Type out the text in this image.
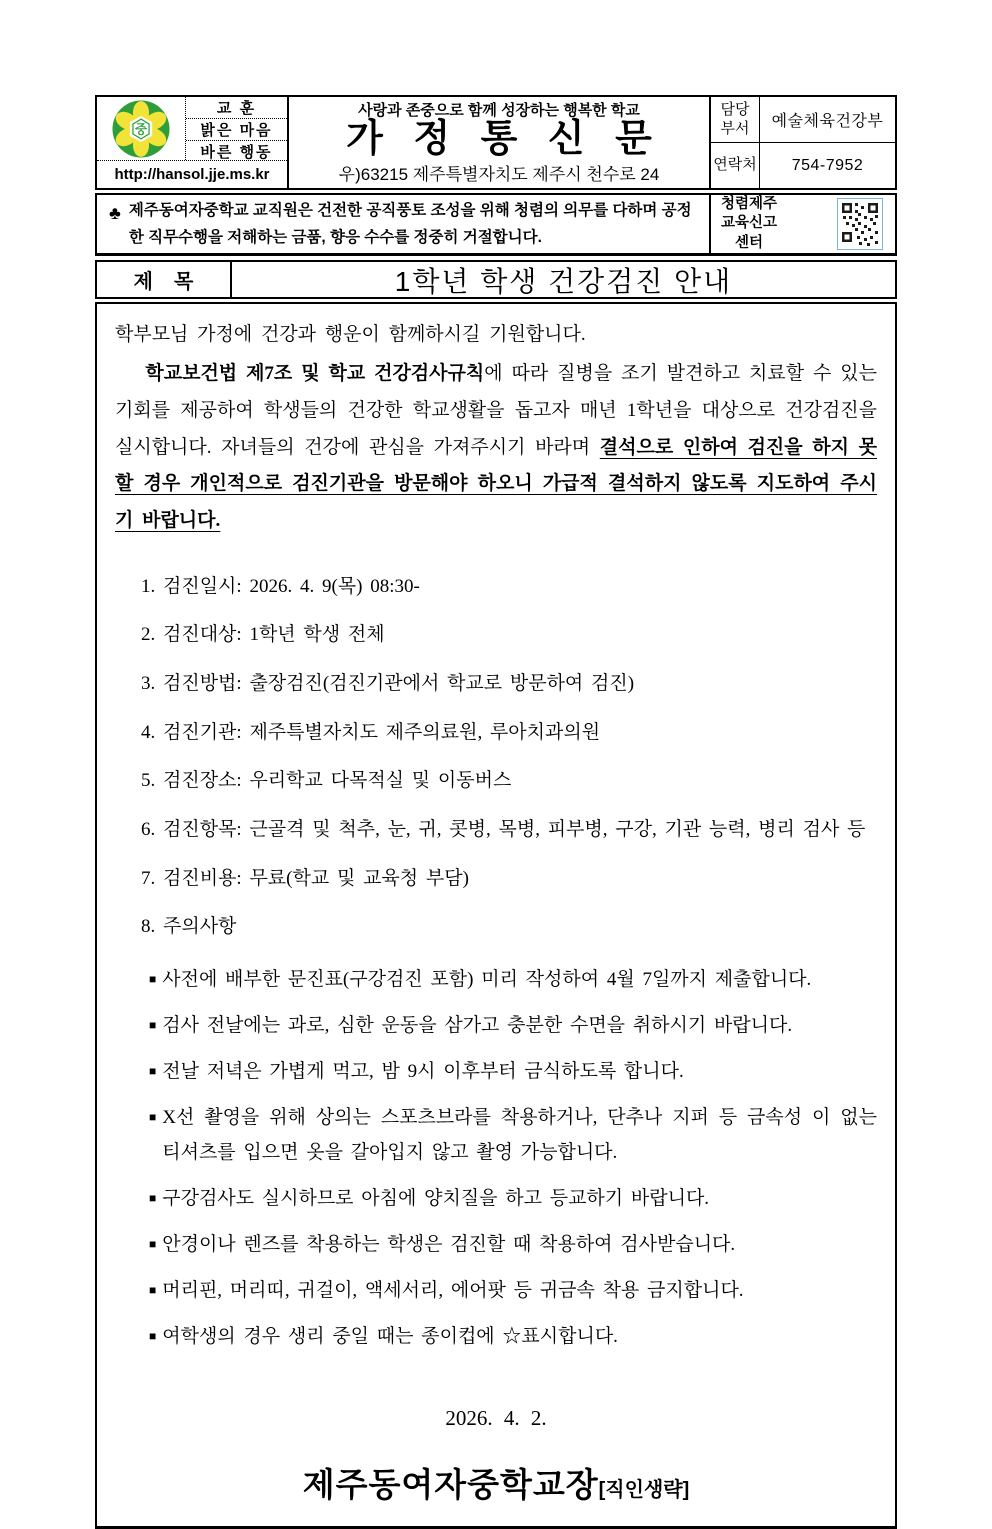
중
교 훈
밝은 마음
바른 행동
http://hansol.jje.ms.kr
사랑과 존중으로 함께 성장하는 행복한 학교
가 정 통 신 문
우)63215 제주특별자치도 제주시 천수로 24
담당
부서	예술체육건강부
연락처	754-7952
♣ 제주동여자중학교 교직원은 건전한 공직풍토 조성을 위해 청렴의 의무를 다하며 공정한 직무수행을 저해하는 금품, 향응 수수를 정중히 거절합니다.
청렴제주
교육신고
센터
제 목	1학년 학생 건강검진 안내

학부모님 가정에 건강과 행운이 함께하시길 기원합니다.

학교보건법 제7조 및 학교 건강검사규칙에 따라 질병을 조기 발견하고 치료할 수 있는 기회를 제공하여 학생들의 건강한 학교생활을 돕고자 매년 1학년을 대상으로 건강검진을 실시합니다. 자녀들의 건강에 관심을 가져주시기 바라며 결석으로 인하여 검진을 하지 못할 경우 개인적으로 검진기관을 방문해야 하오니 가급적 결석하지 않도록 지도하여 주시기 바랍니다.

1. 검진일시: 2026. 4. 9(목) 08:30-
2. 검진대상: 1학년 학생 전체
3. 검진방법: 출장검진(검진기관에서 학교로 방문하여 검진)
4. 검진기관: 제주특별자치도 제주의료원, 루아치과의원
5. 검진장소: 우리학교 다목적실 및 이동버스
6. 검진항목: 근골격 및 척추, 눈, 귀, 콧병, 목병, 피부병, 구강, 기관 능력, 병리 검사 등
7. 검진비용: 무료(학교 및 교육청 부담)
8. 주의사항
■ 사전에 배부한 문진표(구강검진 포함) 미리 작성하여 4월 7일까지 제출합니다.
■ 검사 전날에는 과로, 심한 운동을 삼가고 충분한 수면을 취하시기 바랍니다.
■ 전날 저녁은 가볍게 먹고, 밤 9시 이후부터 금식하도록 합니다.
■ X선 촬영을 위해 상의는 스포츠브라를 착용하거나, 단추나 지퍼 등 금속성 이 없는 티셔츠를 입으면 옷을 갈아입지 않고 촬영 가능합니다.
■ 구강검사도 실시하므로 아침에 양치질을 하고 등교하기 바랍니다.
■ 안경이나 렌즈를 착용하는 학생은 검진할 때 착용하여 검사받습니다.
■ 머리핀, 머리띠, 귀걸이, 액세서리, 에어팟 등 귀금속 착용 금지합니다.
■ 여학생의 경우 생리 중일 때는 종이컵에 ☆표시합니다.
2026. 4. 2.
제주동여자중학교장[직인생략]
